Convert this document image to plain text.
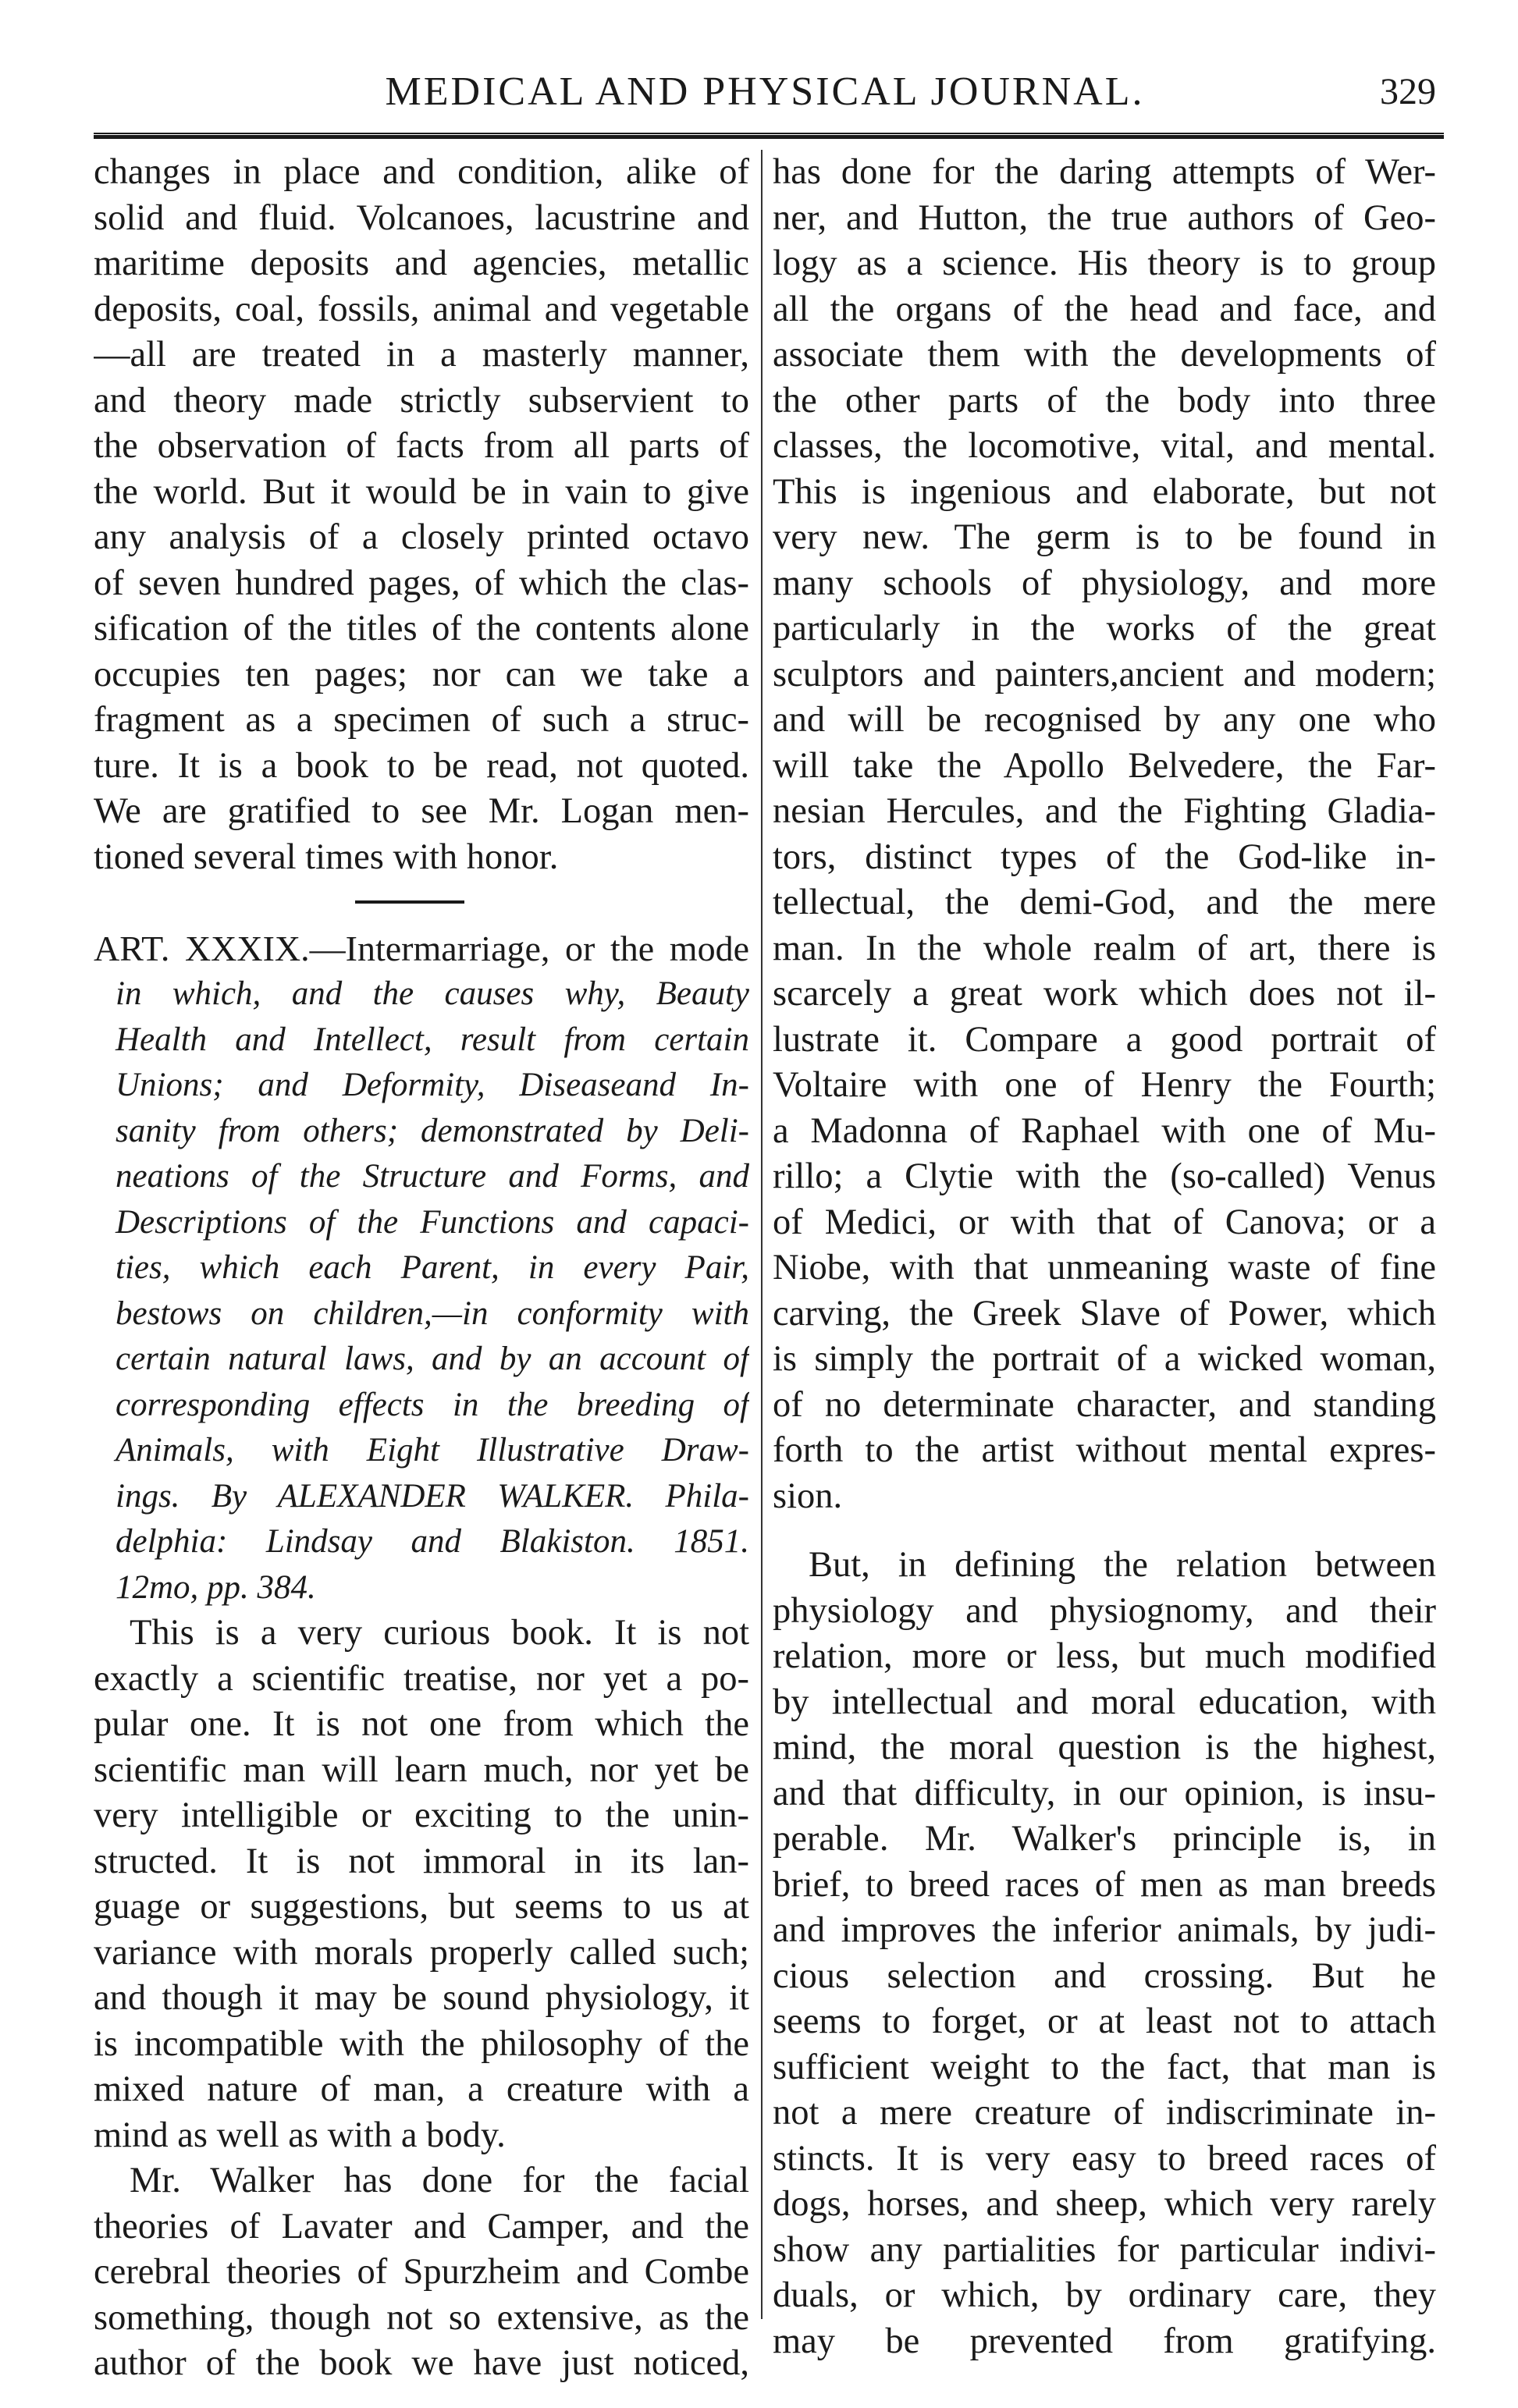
MEDICAL AND PHYSICAL JOURNAL.	329
changes in place and condition, alike of
solid and fluid. Volcanoes, lacustrine and
maritime deposits and agencies, metallic
deposits, coal, fossils, animal and vegetable
—all are treated in a masterly manner,
and theory made strictly subservient to
the observation of facts from all parts of
the world. But it would be in vain to give
any analysis of a closely printed octavo
of seven hundred pages, of which the clas-
sification of the titles of the contents alone
occupies ten pages; nor can we take a
fragment as a specimen of such a struc-
ture. It is a book to be read, not quoted.
We are gratified to see Mr. Logan men-
tioned several times with honor.
ART. XXXIX.—Intermarriage, or the mode
in which, and the causes why, Beauty
Health and Intellect, result from certain
Unions; and Deformity, Diseaseand In-
sanity from others; demonstrated by Deli-
neations of the Structure and Forms, and
Descriptions of the Functions and capaci-
ties, which each Parent, in every Pair,
bestows on children,—in conformity with
certain natural laws, and by an account of
corresponding effects in the breeding of
Animals, with Eight Illustrative Draw-
ings. By ALEXANDER WALKER. Phila-
delphia: Lindsay and Blakiston. 1851.
12mo, pp. 384.
This is a very curious book. It is not
exactly a scientific treatise, nor yet a po-
pular one. It is not one from which the
scientific man will learn much, nor yet be
very intelligible or exciting to the unin-
structed. It is not immoral in its lan-
guage or suggestions, but seems to us at
variance with morals properly called such;
and though it may be sound physiology, it
is incompatible with the philosophy of the
mixed nature of man, a creature with a
mind as well as with a body.
Mr. Walker has done for the facial
theories of Lavater and Camper, and the
cerebral theories of Spurzheim and Combe
something, though not so extensive, as the
author of the book we have just noticed,
has done for the daring attempts of Wer-
ner, and Hutton, the true authors of Geo-
logy as a science. His theory is to group
all the organs of the head and face, and
associate them with the developments of
the other parts of the body into three
classes, the locomotive, vital, and mental.
This is ingenious and elaborate, but not
very new. The germ is to be found in
many schools of physiology, and more
particularly in the works of the great
sculptors and painters,ancient and modern;
and will be recognised by any one who
will take the Apollo Belvedere, the Far-
nesian Hercules, and the Fighting Gladia-
tors, distinct types of the God-like in-
tellectual, the demi-God, and the mere
man. In the whole realm of art, there is
scarcely a great work which does not il-
lustrate it. Compare a good portrait of
Voltaire with one of Henry the Fourth;
a Madonna of Raphael with one of Mu-
rillo; a Clytie with the (so-called) Venus
of Medici, or with that of Canova; or a
Niobe, with that unmeaning waste of fine
carving, the Greek Slave of Power, which
is simply the portrait of a wicked woman,
of no determinate character, and standing
forth to the artist without mental expres-
sion.
But, in defining the relation between
physiology and physiognomy, and their
relation, more or less, but much modified
by intellectual and moral education, with
mind, the moral question is the highest,
and that difficulty, in our opinion, is insu-
perable. Mr. Walker's principle is, in
brief, to breed races of men as man breeds
and improves the inferior animals, by judi-
cious selection and crossing. But he
seems to forget, or at least not to attach
sufficient weight to the fact, that man is
not a mere creature of indiscriminate in-
stincts. It is very easy to breed races of
dogs, horses, and sheep, which very rarely
show any partialities for particular indivi-
duals, or which, by ordinary care, they
may be prevented from gratifying.
